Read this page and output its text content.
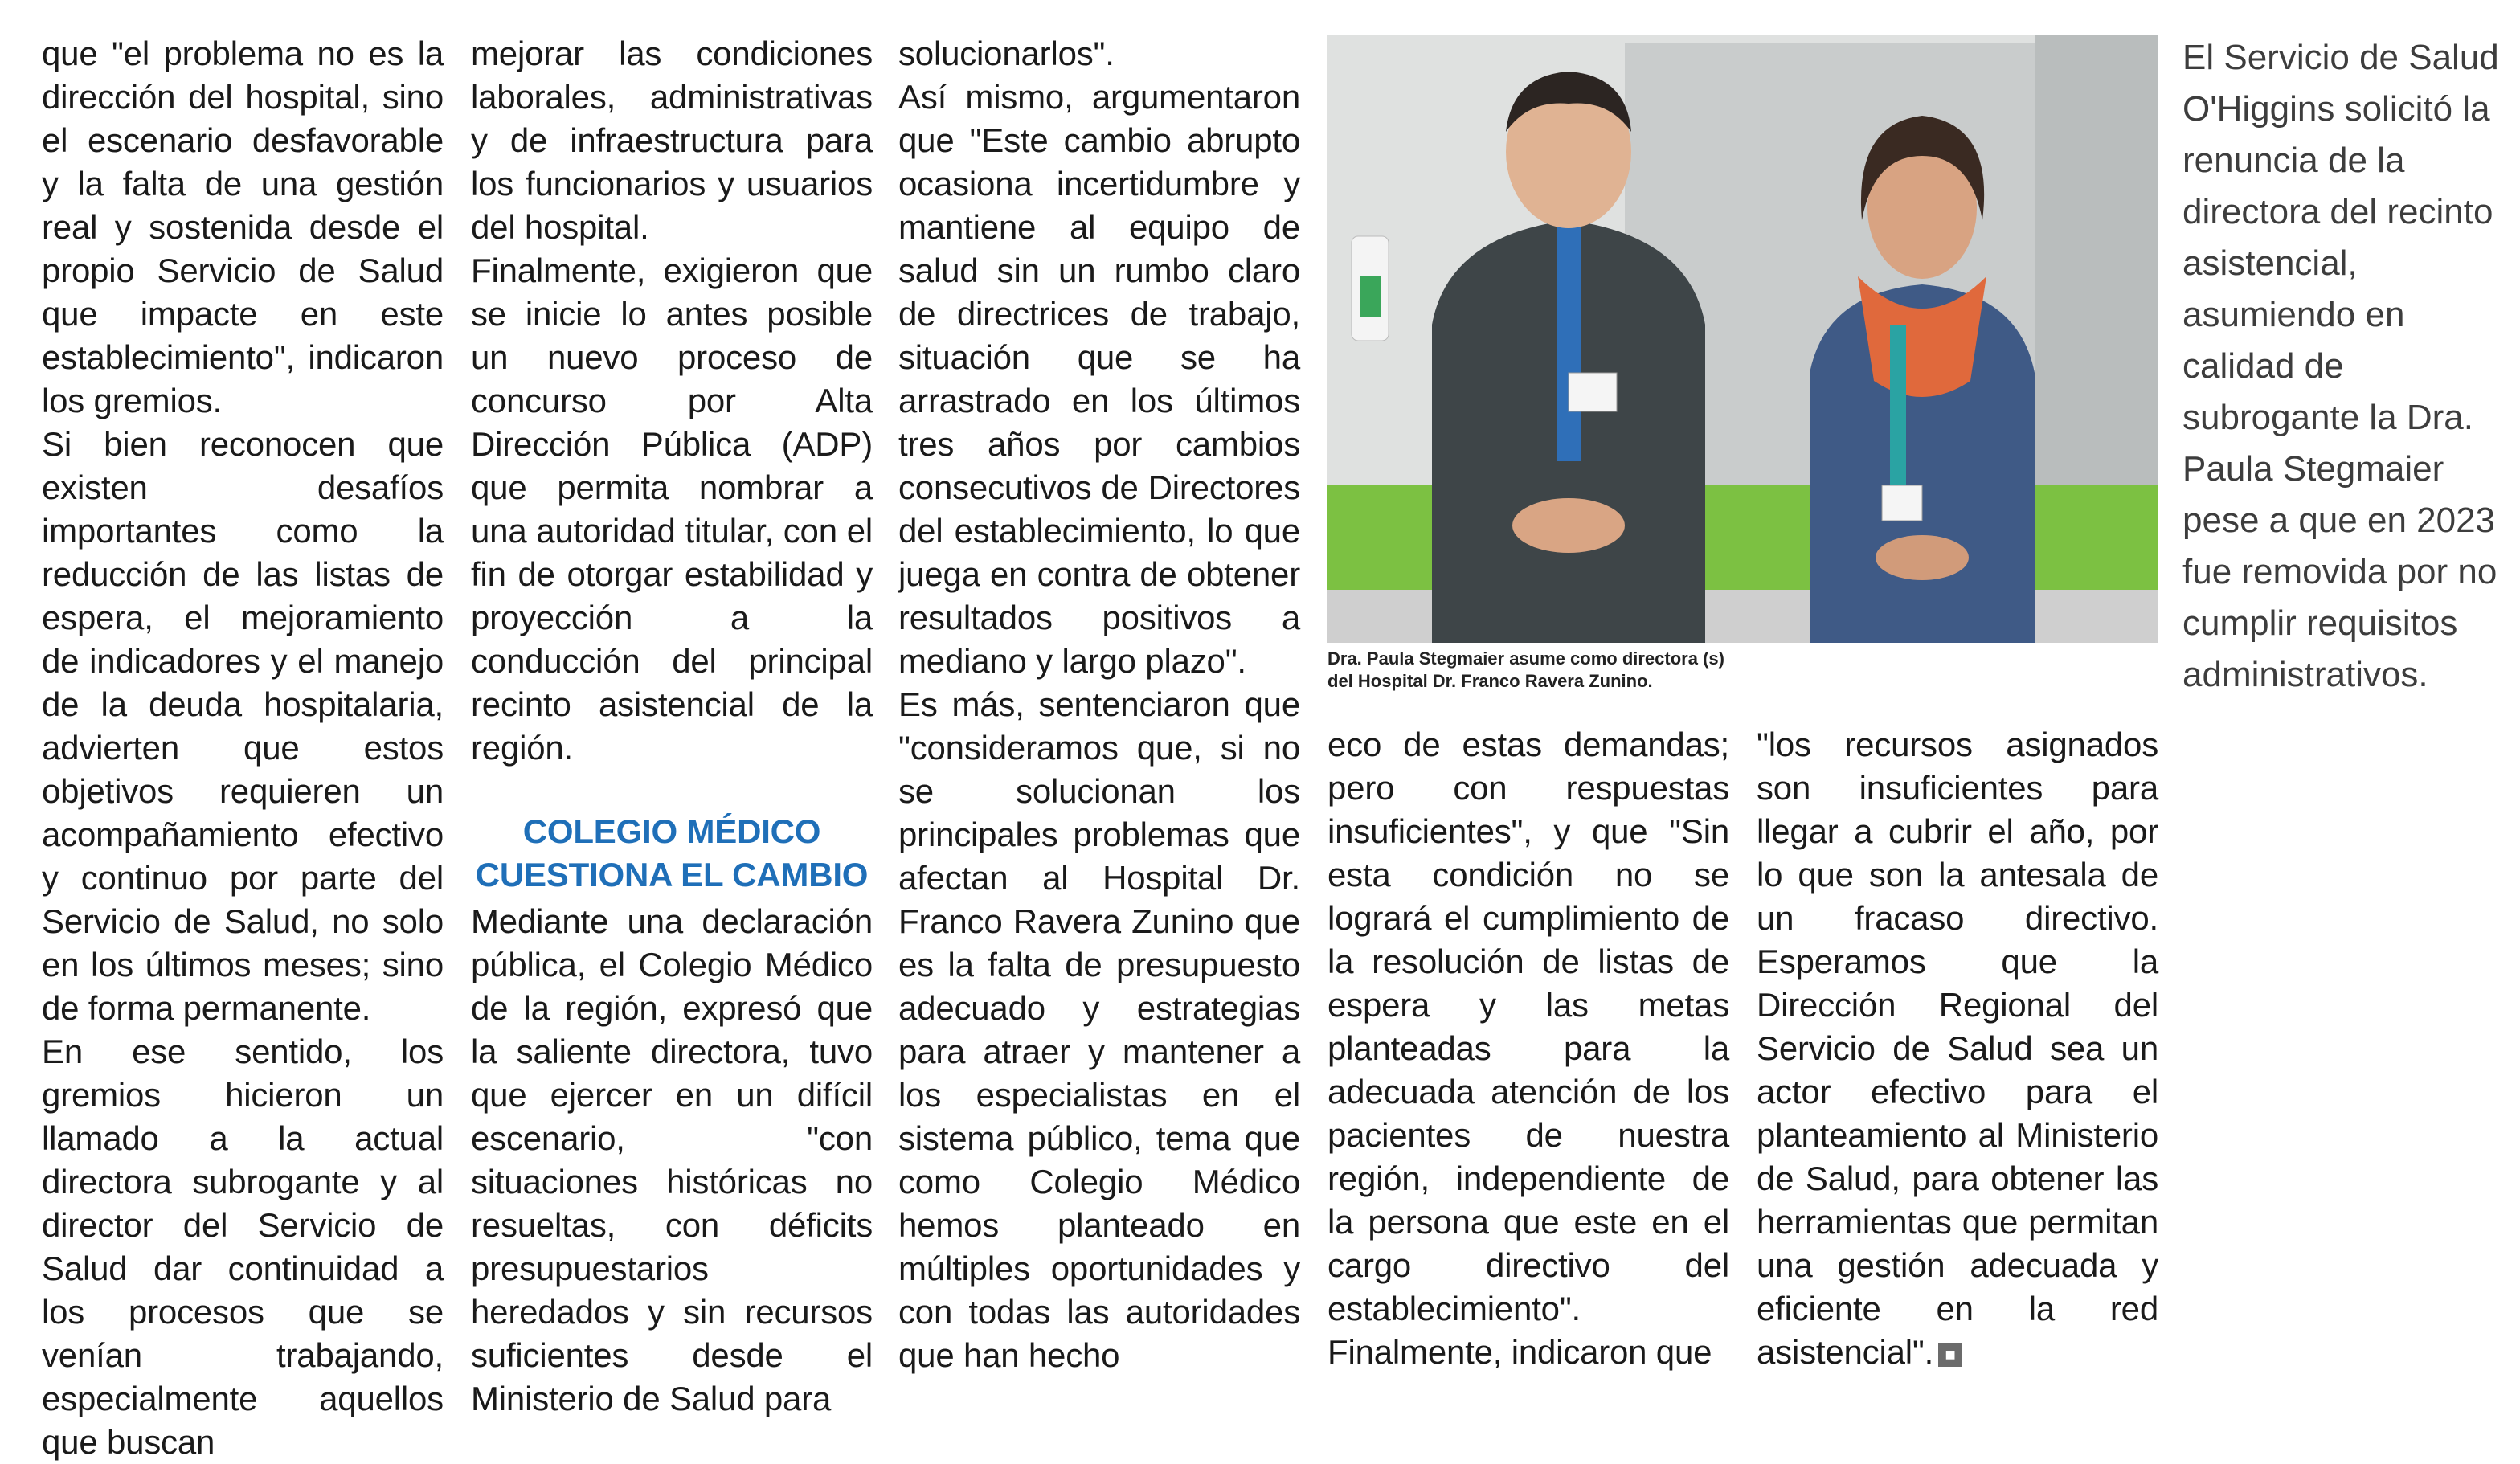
que "el problema no es la dirección del hospital, sino el escenario desfavorable y la falta de una gestión real y sostenida desde el propio Servicio de Salud que impacte en este establecimiento", indicaron los gremios.

Si bien reconocen que existen desafíos importantes como la reducción de las listas de espera, el mejoramiento de indicadores y el manejo de la deuda hospitalaria, advierten que estos objetivos requieren un acompañamiento efectivo y continuo por parte del Servicio de Salud, no solo en los últimos meses; sino de forma permanente.

En ese sentido, los gremios hicieron un llamado a la actual directora subrogante y al director del Servicio de Salud dar continuidad a los procesos que se venían trabajando, especialmente aquellos que buscan

mejorar las condiciones laborales, administrativas y de infraestructura para los funcionarios y usuarios del hospital.

Finalmente, exigieron que se inicie lo antes posible un nuevo proceso de concurso por Alta Dirección Pública (ADP) que permita nombrar a una autoridad titular, con el fin de otorgar estabilidad y proyección a la conducción del principal recinto asistencial de la región.

COLEGIO MÉDICO CUESTIONA EL CAMBIO

Mediante una declaración pública, el Colegio Médico de la región, expresó que la saliente directora, tuvo que ejercer en un difícil escenario, "con situaciones históricas no resueltas, con déficits presupuestarios heredados y sin recursos suficientes desde el Ministerio de Salud para

solucionarlos".

Así mismo, argumentaron que "Este cambio abrupto ocasiona incertidumbre y mantiene al equipo de salud sin un rumbo claro de directrices de trabajo, situación que se ha arrastrado en los últimos tres años por cambios consecutivos de Directores del establecimiento, lo que juega en contra de obtener resultados positivos a mediano y largo plazo".

Es más, sentenciaron que "consideramos que, si no se solucionan los principales problemas que afectan al Hospital Dr. Franco Ravera Zunino que es la falta de presupuesto adecuado y estrategias para atraer y mantener a los especialistas en el sistema público, tema que como Colegio Médico hemos planteado en múltiples oportunidades y con todas las autoridades que han hecho

Dra. Paula Stegmaier asume como directora (s)
del Hospital Dr. Franco Ravera Zunino.

eco de estas demandas; pero con respuestas insuficientes", y que "Sin esta condición no se logrará el cumplimiento de la resolución de listas de espera y las metas planteadas para la adecuada atención de los pacientes de nuestra región, independiente de la persona que este en el cargo directivo del establecimiento".

Finalmente, indicaron que

"los recursos asignados son insuficientes para llegar a cubrir el año, por lo que son la antesala de un fracaso directivo. Esperamos que la Dirección Regional del Servicio de Salud sea un actor efectivo para el planteamiento al Ministerio de Salud, para obtener las herramientas que permitan una gestión adecuada y eficiente en la red asistencial". ■

El Servicio de Salud O'Higgins solicitó la renuncia de la directora del recinto asistencial, asumiendo en calidad de subrogante la Dra. Paula Stegmaier pese a que en 2023 fue removida por no cumplir requisitos administrativos.
